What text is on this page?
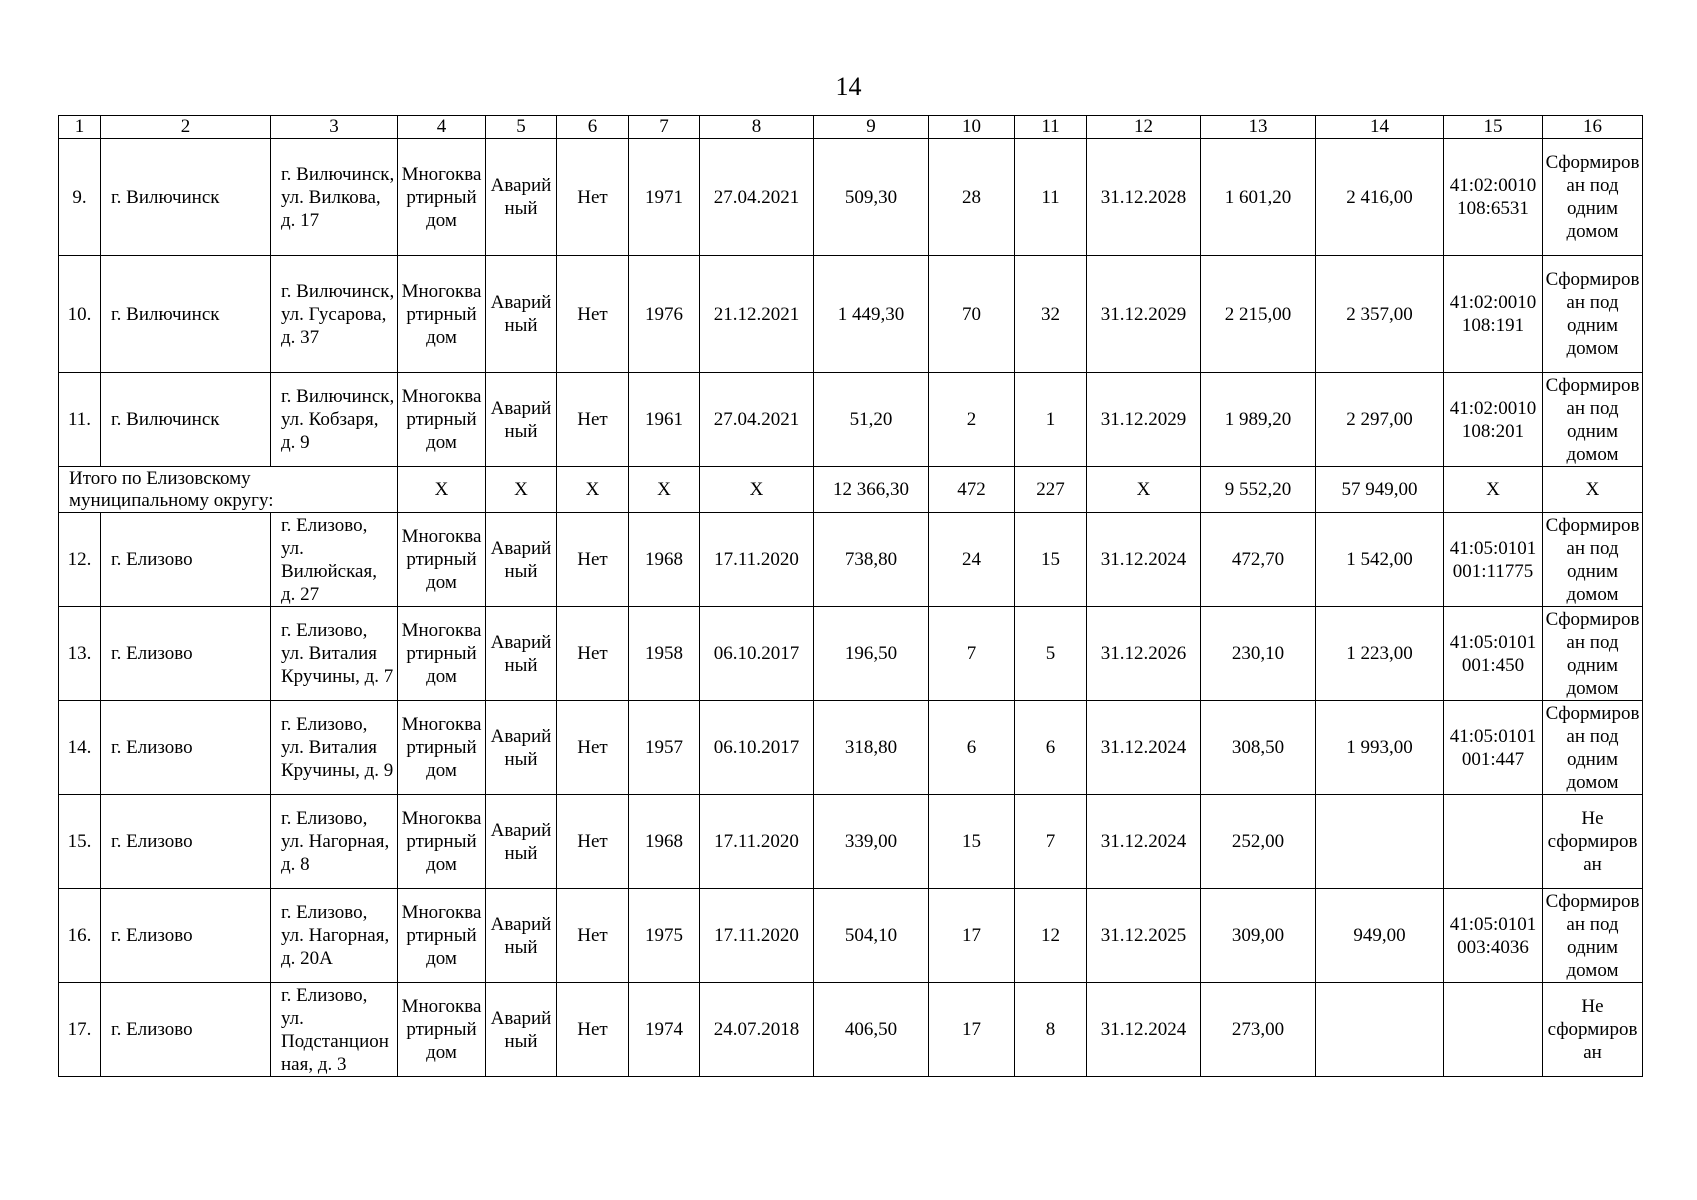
14
1	2	3	4	5	6	7	8	9	10	11	12	13	14	15	16
9.	г. Вилючинск	г. Вилючинск, ул. Вилкова, д. 17	Многоквартирный дом	Аварийный	Нет	1971	27.04.2021	509,30	28	11	31.12.2028	1 601,20	2 416,00	41:02:0010108:6531	Сформирован под одним домом
10.	г. Вилючинск	г. Вилючинск, ул. Гусарова, д. 37	Многоквартирный дом	Аварийный	Нет	1976	21.12.2021	1 449,30	70	32	31.12.2029	2 215,00	2 357,00	41:02:0010108:191	Сформирован под одним домом
11.	г. Вилючинск	г. Вилючинск, ул. Кобзаря, д. 9	Многоквартирный дом	Аварийный	Нет	1961	27.04.2021	51,20	2	1	31.12.2029	1 989,20	2 297,00	41:02:0010108:201	Сформирован под одним домом
Итого по Елизовскому муниципальному округу:			Х	Х	Х	Х	Х	12 366,30	472	227	Х	9 552,20	57 949,00	Х	Х
12.	г. Елизово	г. Елизово, ул. Вилюйская, д. 27	Многоквартирный дом	Аварийный	Нет	1968	17.11.2020	738,80	24	15	31.12.2024	472,70	1 542,00	41:05:0101001:11775	Сформирован под одним домом
13.	г. Елизово	г. Елизово, ул. Виталия Кручины, д. 7	Многоквартирный дом	Аварийный	Нет	1958	06.10.2017	196,50	7	5	31.12.2026	230,10	1 223,00	41:05:0101001:450	Сформирован под одним домом
14.	г. Елизово	г. Елизово, ул. Виталия Кручины, д. 9	Многоквартирный дом	Аварийный	Нет	1957	06.10.2017	318,80	6	6	31.12.2024	308,50	1 993,00	41:05:0101001:447	Сформирован под одним домом
15.	г. Елизово	г. Елизово, ул. Нагорная, д. 8	Многоквартирный дом	Аварийный	Нет	1968	17.11.2020	339,00	15	7	31.12.2024	252,00			Не сформирован
16.	г. Елизово	г. Елизово, ул. Нагорная, д. 20А	Многоквартирный дом	Аварийный	Нет	1975	17.11.2020	504,10	17	12	31.12.2025	309,00	949,00	41:05:0101003:4036	Сформирован под одним домом
17.	г. Елизово	г. Елизово, ул. Подстанционная, д. 3	Многоквартирный дом	Аварийный	Нет	1974	24.07.2018	406,50	17	8	31.12.2024	273,00			Не сформирован
